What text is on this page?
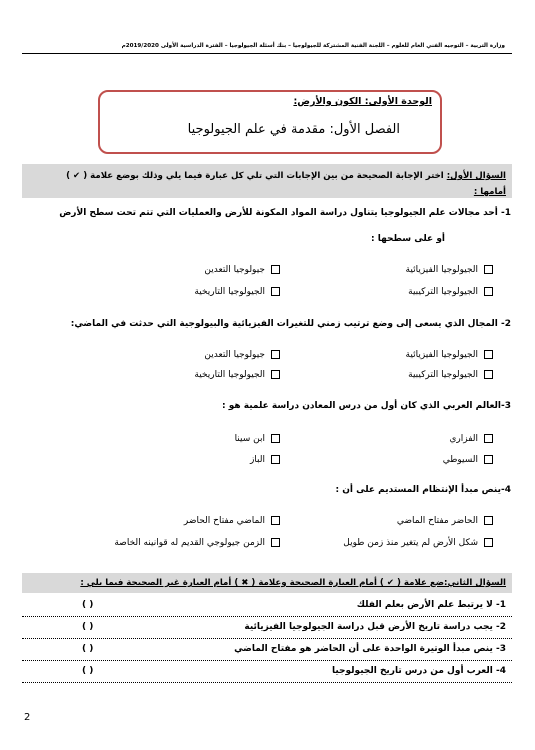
وزارة التربية – التوجيه الفني العام للعلوم – اللجنة الفنية المشتركة للجيولوجيا – بنك أسئلة الجيولوجيا – الفترة الدراسية الأولى 2019/2020م
الوحدة الأولى: الكون والأرض:
الفصل الأول: مقدمة في علم الجيولوجيا
السؤال الأول: اختر الإجابة الصحيحة من بين الإجابات التي تلي كل عبارة فيما يلي وذلك بوضع علامة ( ✔ )
أمامها :
1- أحد مجالات علم الجيولوجيا يتناول دراسة المواد المكونة للأرض والعمليات التي تتم تحت سطح الأرض
أو على سطحها :
الجيولوجيا الفيزيائية
جيولوجيا التعدين
الجيولوجيا التركيبية
الجيولوجيا التاريخية
2- المجال الذي يسعى إلى وضع ترتيب زمني للتغيرات الفيزيائية والبيولوجية التي حدثت في الماضي:
الجيولوجيا الفيزيائية
جيولوجيا التعدين
الجيولوجيا التركيبية
الجيولوجيا التاريخية
3-العالم العربي الذي كان أول من درس المعادن دراسة علمية هو :
الفزاري
ابن سينا
السيوطي
الباز
4-ينص مبدأ الإنتظام المستديم على أن :
الحاضر مفتاح الماضي
الماضي مفتاح الحاضر
شكل الأرض لم يتغير منذ زمن طويل
الزمن جيولوجي القديم له قوانينه الخاصة
السؤال الثاني:ضع علامة ( ✔ ) أمام العبارة الصحيحة وعلامة ( ✖ ) أمام العبارة غير الصحيحة فيما يلي :
1- لا يرتبط علم الأرض بعلم الفلك
( )
2- يجب دراسة تاريخ الأرض قبل دراسة الجيولوجيا الفيزيائية
( )
3- ينص مبدأ الوتيرة الواحدة على أن الحاضر هو مفتاح الماضي
( )
4- العرب أول من درس تاريخ الجيولوجيا
( )
2
